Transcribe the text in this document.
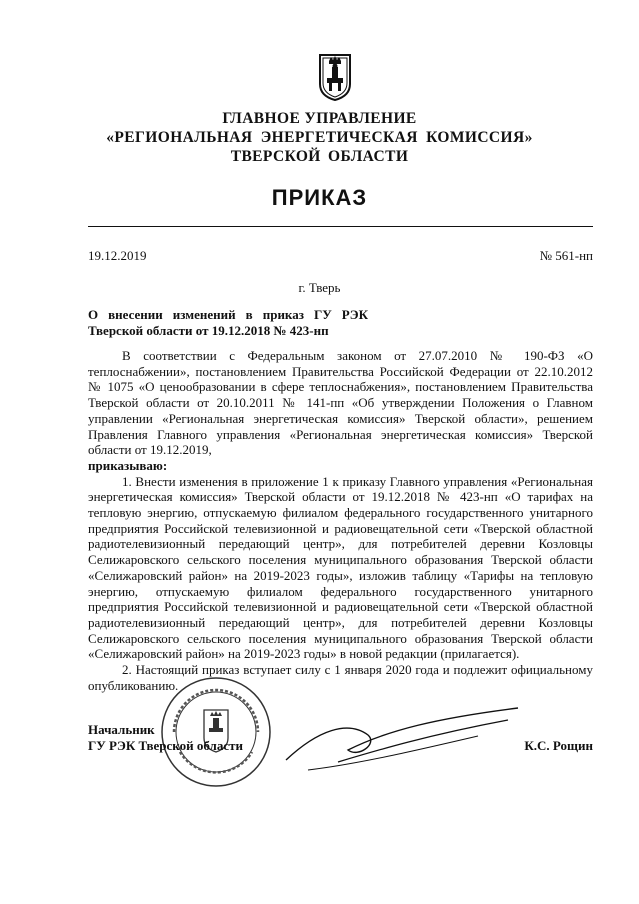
ГЛАВНОЕ УПРАВЛЕНИЕ
«РЕГИОНАЛЬНАЯ ЭНЕРГЕТИЧЕСКАЯ КОМИССИЯ»
ТВЕРСКОЙ ОБЛАСТИ
ПРИКАЗ
19.12.2019	№ 561-нп
г. Тверь
О внесении изменений в приказ ГУ РЭК Тверской области от 19.12.2018 № 423-нп

В соответствии с Федеральным законом от 27.07.2010 № 190-ФЗ «О теплоснабжении», постановлением Правительства Российской Федерации от 22.10.2012 № 1075 «О ценообразовании в сфере теплоснабжения», постановлением Правительства Тверской области от 20.10.2011 № 141-пп «Об утверждении Положения о Главном управлении «Региональная энергетическая комиссия» Тверской области», решением Правления Главного управления «Региональная энергетическая комиссия» Тверской области от 19.12.2019,

приказываю:

1. Внести изменения в приложение 1 к приказу Главного управления «Региональная энергетическая комиссия» Тверской области от 19.12.2018 № 423-нп «О тарифах на тепловую энергию, отпускаемую филиалом федерального государственного унитарного предприятия Российской телевизионной и радиовещательной сети «Тверской областной радиотелевизионный передающий центр», для потребителей деревни Козловцы Селижаровского сельского поселения муниципального образования Тверской области «Селижаровский район» на 2019-2023 годы», изложив таблицу «Тарифы на тепловую энергию, отпускаемую филиалом федерального государственного унитарного предприятия Российской телевизионной и радиовещательной сети «Тверской областной радиотелевизионный передающий центр», для потребителей деревни Козловцы Селижаровского сельского поселения муниципального образования Тверской области «Селижаровский район» на 2019-2023 годы» в новой редакции (прилагается).

2. Настоящий приказ вступает силу с 1 января 2020 года и подлежит официальному опубликованию.

Начальник
ГУ РЭК Тверской области	К.С. Рощин
